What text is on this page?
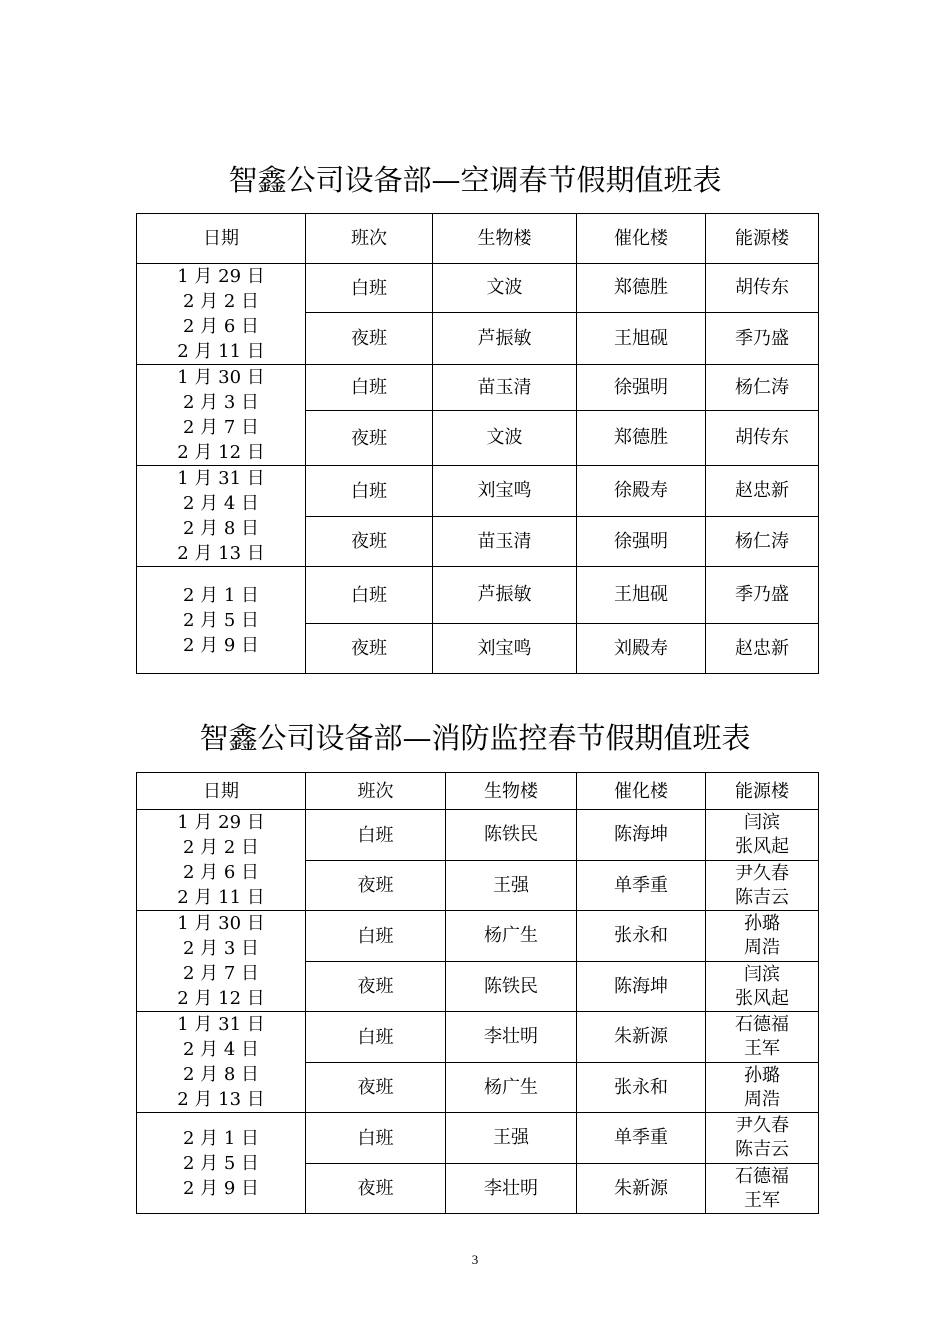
智鑫公司设备部—空调春节假期值班表
日期	班次	生物楼	催化楼	能源楼

1 月 29 日
2 月 2 日
2 月 6 日
2 月 11 日	白班	文波	郑德胜	胡传东

	夜班	芦振敏	王旭砚	季乃盛

1 月 30 日
2 月 3 日
2 月 7 日
2 月 12 日	白班	苗玉清	徐强明	杨仁涛

	夜班	文波	郑德胜	胡传东

1 月 31 日
2 月 4 日
2 月 8 日
2 月 13 日	白班	刘宝鸣	徐殿寿	赵忠新

	夜班	苗玉清	徐强明	杨仁涛

2 月 1 日
2 月 5 日
2 月 9 日	白班	芦振敏	王旭砚	季乃盛

	夜班	刘宝鸣	刘殿寿	赵忠新
智鑫公司设备部—消防监控春节假期值班表
日期	班次	生物楼	催化楼	能源楼

1 月 29 日
2 月 2 日
2 月 6 日
2 月 11 日	白班	陈铁民	陈海坤	闫滨
张风起

	夜班	王强	单季重	尹久春
陈吉云

1 月 30 日
2 月 3 日
2 月 7 日
2 月 12 日	白班	杨广生	张永和	孙璐
周浩

	夜班	陈铁民	陈海坤	闫滨
张风起

1 月 31 日
2 月 4 日
2 月 8 日
2 月 13 日	白班	李壮明	朱新源	石德福
王军

	夜班	杨广生	张永和	孙璐
周浩

2 月 1 日
2 月 5 日
2 月 9 日	白班	王强	单季重	尹久春
陈吉云

	夜班	李壮明	朱新源	石德福
王军
3
